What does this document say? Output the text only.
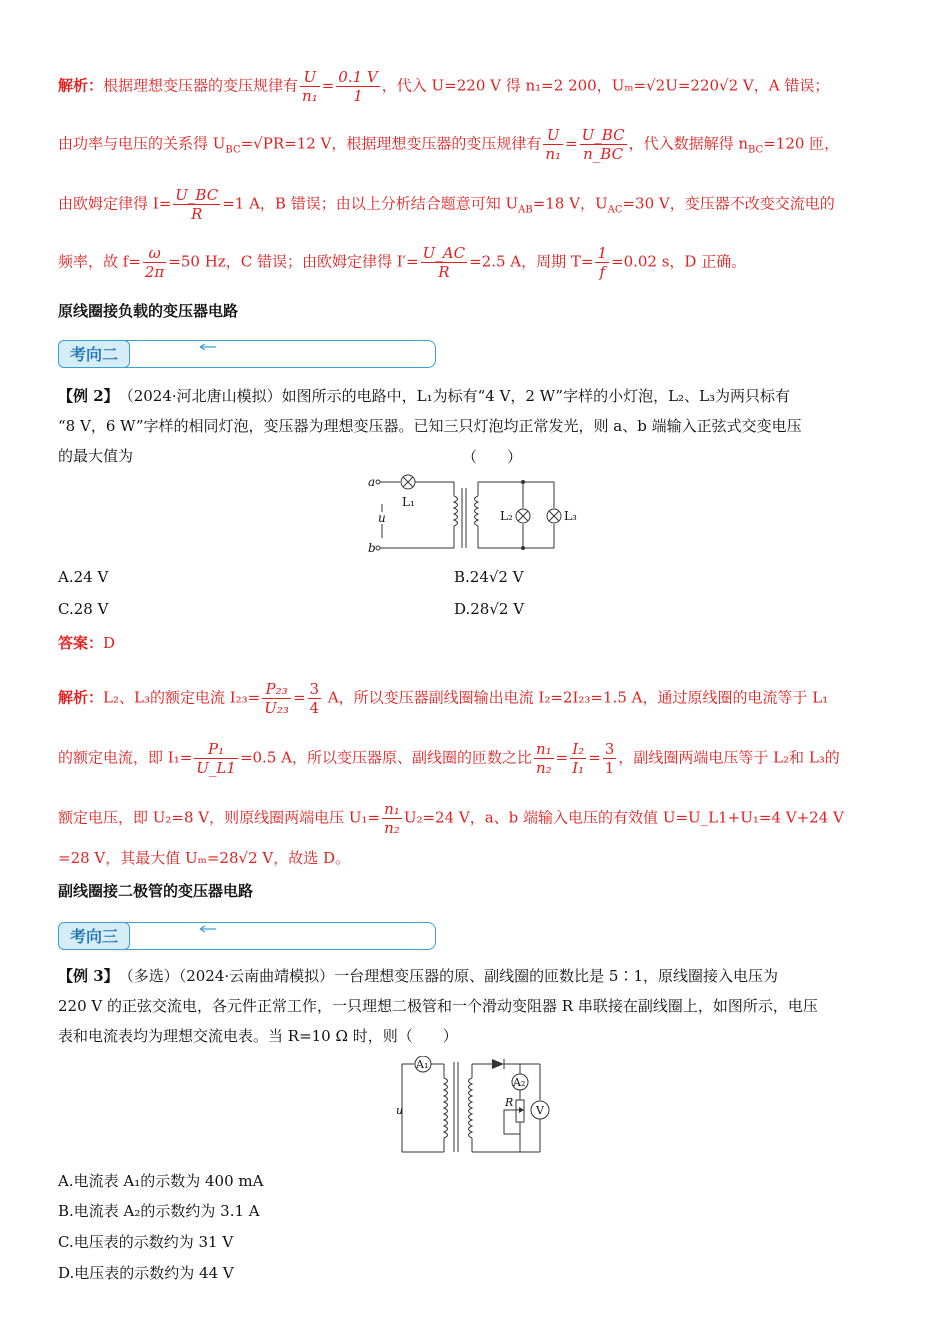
解析：根据理想变压器的变压规律有 $\frac{U}{\text{n₁}} = \frac{0.1 V}{1}$ ，代入 U=220 V 得 n₁=2 200，Uₘ=√2U=220√2 V，A 错误；
由功率与电压的关系得 $U_{BC}=√PR=12$ V，根据理想变压器的变压规律有 $\frac{U}{\text{n₁}} = \frac{U\_BC}{n\_BC}$ ，代入数据解得 $n_{BC}=120$ 匝，
由欧姆定律得 $I= \frac{U\_BC}{R} =1$ A，B 错误；由以上分析结合题意可知 $U_{AB}=18$ V，$U_{AC}=30$ V，变压器不改变交流电的
频率，故 $f= \frac{\omega}{2\pi} =50$ Hz，C 错误；由欧姆定律得 $I'= \frac{U\_AC}{R} =2.5$ A，周期 $T= \frac{1}{f} =0.02$ s，D 正确。
原线圈接负载的变压器电路
考向二
【例 2】　 （2024·河北唐山模拟）如图所示的电路中，L₁为标有“4 V，2 W”字样的小灯泡，L₂、L₃为两只标有
“8 V，6 W”字样的相同灯泡，变压器为理想变压器。已知三只灯泡均正常发光，则 a、b 端输入正弦式交变电压
的最大值为	（　　）
a
b
u
L₁
L₂	L₃
A.24 V	B.24√2 V
C.28 V	D.28√2 V
答案：D
解析：L₂、L₃的额定电流 $I_{23}= \frac{\text{P₂₃}}{\text{U₂₃}} = \frac{3}{4}$ A，所以变压器副线圈输出电流 I₂=2I₂₃=1.5 A，通过原线圈的电流等于 L₁
的额定电流，即 $I_1= \frac{\text{P₁}}{U\_L1} =0.5$ A，所以变压器原、副线圈的匝数之比 $\frac{\text{n₁}}{\text{n₂}} = \frac{\text{I₂}}{\text{I₁}} = \frac{3}{1}$ ，副线圈两端电压等于 L₂和 L₃的
额定电压，即 U₂=8 V，则原线圈两端电压 $U_1= \frac{\text{n₁}}{\text{n₂}} U_2=24$ V，a、b 端输入电压的有效值 U=U_L1+U₁=4 V+24 V
=28 V，其最大值 Uₘ=28√2 V，故选 D。
副线圈接二极管的变压器电路
考向三
【例 3】　 （多选）（2024·云南曲靖模拟）一台理想变压器的原、副线圈的匝数比是 5∶1，原线圈接入电压为
220 V 的正弦交流电，各元件正常工作，一只理想二极管和一个滑动变阻器 R 串联接在副线圈上，如图所示，电压
表和电流表均为理想交流电表。当 R=10 Ω 时，则（　　）
A₁
A₂
R
V
u
A.电流表 A₁的示数为 400 mA
B.电流表 A₂的示数约为 3.1 A
C.电压表的示数约为 31 V
D.电压表的示数约为 44 V
